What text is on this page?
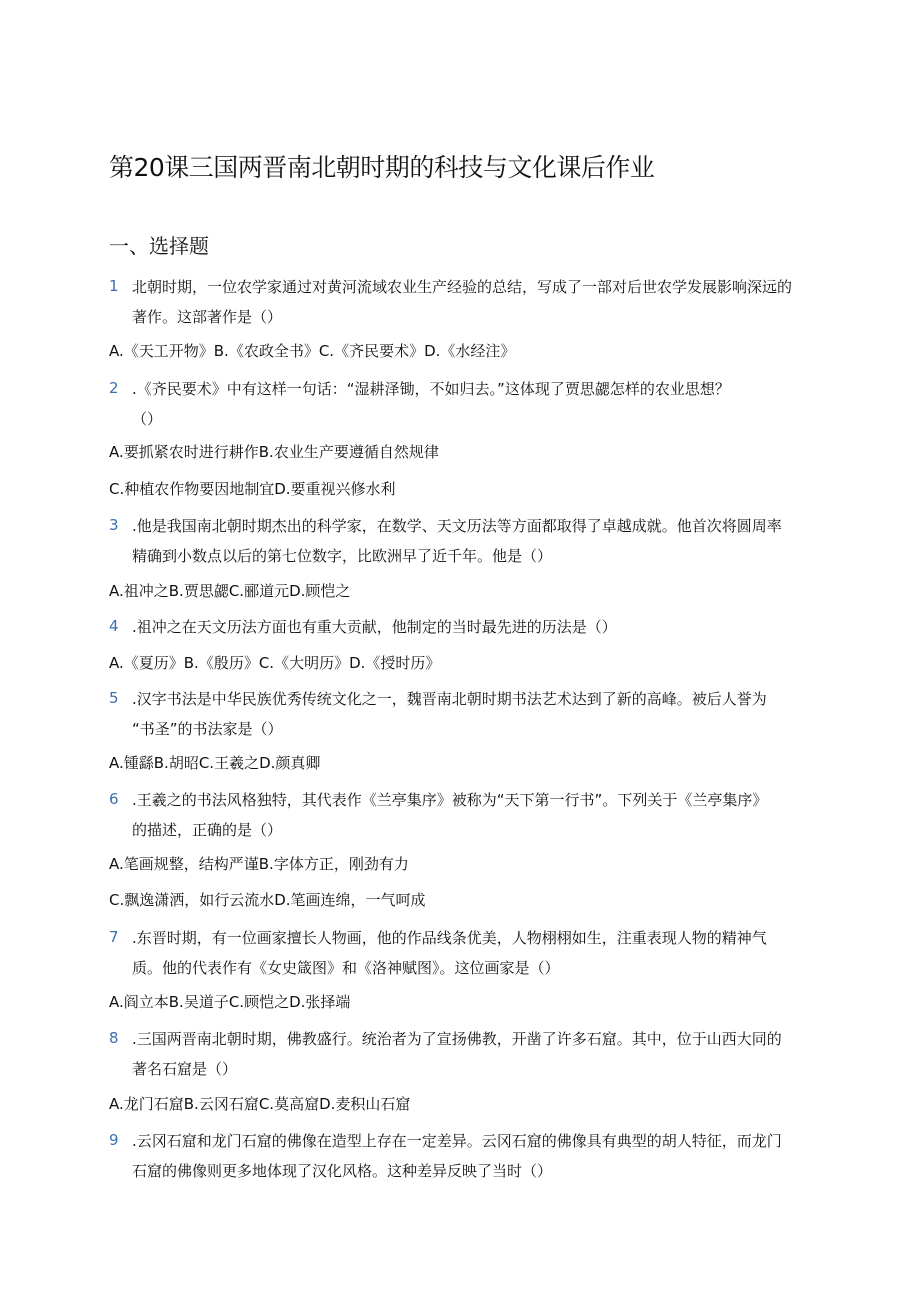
第20课三国两晋南北朝时期的科技与文化课后作业
一、选择题
1 北朝时期，一位农学家通过对黄河流域农业生产经验的总结，写成了一部对后世农学发展影响深远的
著作。这部著作是（）
A.《天工开物》B.《农政全书》C.《齐民要术》D.《水经注》
2 .《齐民要术》中有这样一句话：“湿耕泽锄，不如归去。”这体现了贾思勰怎样的农业思想？
（）
A.要抓紧农时进行耕作B.农业生产要遵循自然规律
C.种植农作物要因地制宜D.要重视兴修水利
3 .他是我国南北朝时期杰出的科学家，在数学、天文历法等方面都取得了卓越成就。他首次将圆周率
精确到小数点以后的第七位数字，比欧洲早了近千年。他是（）
A.祖冲之B.贾思勰C.郦道元D.顾恺之
4 .祖冲之在天文历法方面也有重大贡献，他制定的当时最先进的历法是（）
A.《夏历》B.《殷历》C.《大明历》D.《授时历》
5 .汉字书法是中华民族优秀传统文化之一，魏晋南北朝时期书法艺术达到了新的高峰。被后人誉为
“书圣”的书法家是（）
A.锺繇B.胡昭C.王羲之D.颜真卿
6 .王羲之的书法风格独特，其代表作《兰亭集序》被称为“天下第一行书”。下列关于《兰亭集序》
的描述，正确的是（）
A.笔画规整，结构严谨B.字体方正，刚劲有力
C.飘逸潇洒，如行云流水D.笔画连绵，一气呵成
7 .东晋时期，有一位画家擅长人物画，他的作品线条优美，人物栩栩如生，注重表现人物的精神气
质。他的代表作有《女史箴图》和《洛神赋图》。这位画家是（）
A.阎立本B.吴道子C.顾恺之D.张择端
8 .三国两晋南北朝时期，佛教盛行。统治者为了宣扬佛教，开凿了许多石窟。其中，位于山西大同的
著名石窟是（）
A.龙门石窟B.云冈石窟C.莫高窟D.麦积山石窟
9 .云冈石窟和龙门石窟的佛像在造型上存在一定差异。云冈石窟的佛像具有典型的胡人特征，而龙门
石窟的佛像则更多地体现了汉化风格。这种差异反映了当时（）
